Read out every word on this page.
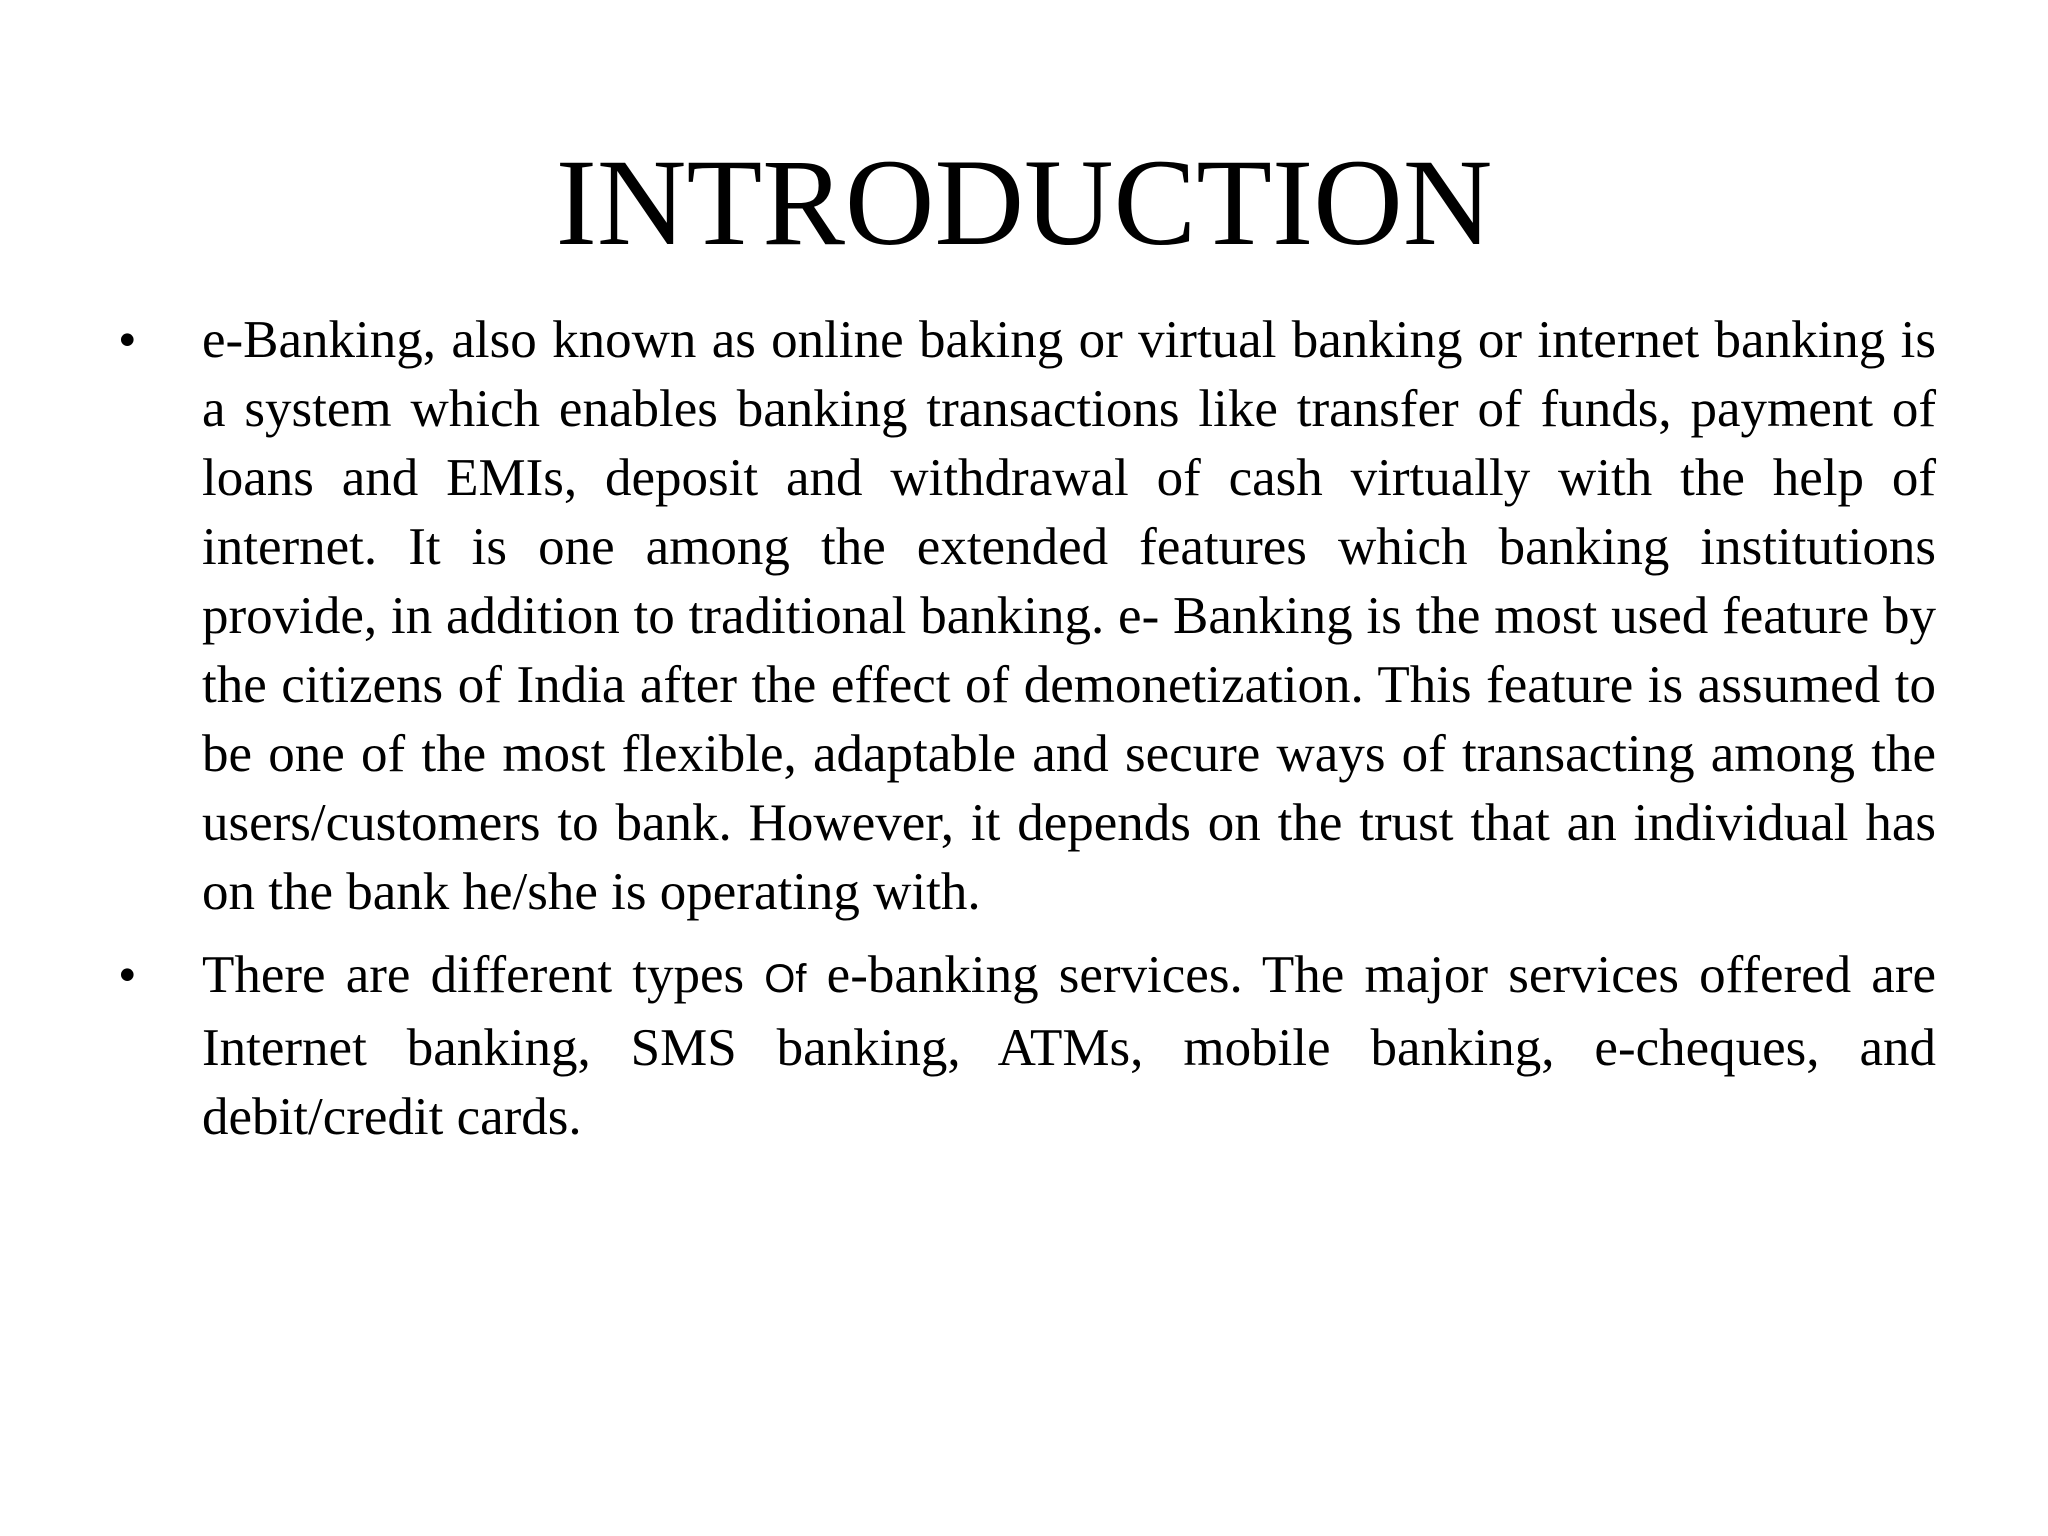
INTRODUCTION
•	e-Banking, also known as online baking or virtual banking or internet banking is a system which enables banking transactions like transfer of funds, payment of loans and EMIs, deposit and withdrawal of cash virtually with the help of internet. It is one among the extended features which banking institutions provide, in addition to traditional banking. e- Banking is the most used feature by the citizens of India after the effect of demonetization. This feature is assumed to be one of the most flexible, adaptable and secure ways of transacting among the users/customers to bank. However, it depends on the trust that an individual has on the bank he/she is operating with.
•	There are different types Of e-banking services. The major services offered are Internet banking, SMS banking, ATMs, mobile banking, e-cheques, and debit/credit cards.
